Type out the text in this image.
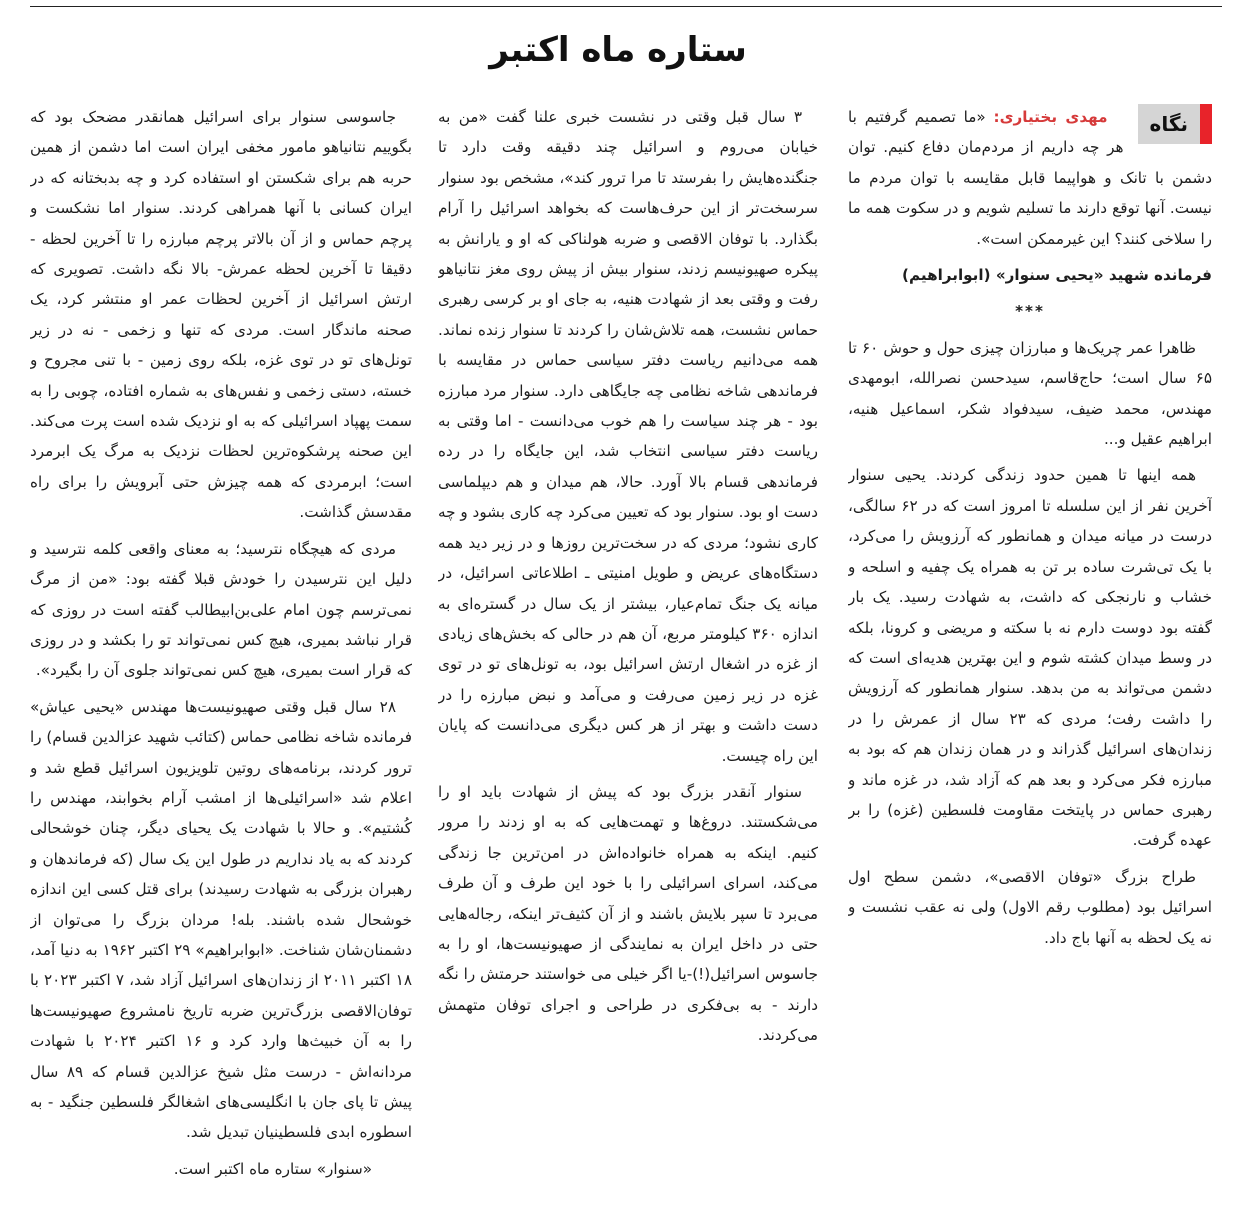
ستاره ماه اکتبر
نگاه

مهدی بختیاری: «ما تصمیم گرفتیم با هر چه داریم از مردم‌مان دفاع کنیم. توان دشمن با تانک و هواپیما قابل مقایسه با توان مردم ما نیست. آنها توقع دارند ما تسلیم شویم و در سکوت همه ما را سلاخی کنند؟ این غیرممکن است».

فرمانده شهید «یحیی سنوار» (ابوابراهیم)

***

ظاهرا عمر چریک‌ها و مبارزان چیزی حول و حوش ۶۰ تا ۶۵ سال است؛ حاج‌قاسم، سیدحسن نصرالله، ابومهدی مهندس، محمد ضیف، سیدفواد شکر، اسماعیل هنیه، ابراهیم عقیل و...

همه اینها تا همین حدود زندگی کردند. یحیی سنوار آخرین نفر از این سلسله تا امروز است که در ۶۲ سالگی، درست در میانه میدان و همانطور که آرزویش را می‌کرد، با یک تی‌شرت ساده بر تن به همراه یک چفیه و اسلحه و خشاب و نارنجکی که داشت، به شهادت رسید. یک بار گفته بود دوست دارم نه با سکته و مریضی و کرونا، بلکه در وسط میدان کشته شوم و این بهترین هدیه‌ای است که دشمن می‌تواند به من بدهد. سنوار همانطور که آرزویش را داشت رفت؛ مردی که ۲۳ سال از عمرش را در زندان‌های اسرائیل گذراند و در همان زندان هم که بود به مبارزه فکر می‌کرد و بعد هم که آزاد شد، در غزه ماند و رهبری حماس در پایتخت مقاومت فلسطین (غزه) را بر عهده گرفت.

طراح بزرگ «توفان الاقصی»، دشمن سطح اول اسرائیل بود (مطلوب رقم الاول) ولی نه عقب نشست و نه یک لحظه به آنها باج داد.

۳ سال قبل وقتی در نشست خبری علنا گفت «من به خیابان می‌روم و اسرائیل چند دقیقه وقت دارد تا جنگنده‌هایش را بفرستد تا مرا ترور کند»، مشخص بود سنوار سرسخت‌تر از این حرف‌هاست که بخواهد اسرائیل را آرام بگذارد. با توفان الاقصی و ضربه هولناکی که او و یارانش به پیکره صهیونیسم زدند، سنوار بیش از پیش روی مغز نتانیاهو رفت و وقتی بعد از شهادت هنیه، به جای او بر کرسی رهبری حماس نشست، همه تلاش‌شان را کردند تا سنوار زنده نماند. همه می‌دانیم ریاست دفتر سیاسی حماس در مقایسه با فرماندهی شاخه نظامی چه جایگاهی دارد. سنوار مرد مبارزه بود - هر چند سیاست را هم خوب می‌دانست - اما وقتی به ریاست دفتر سیاسی انتخاب شد، این جایگاه را در رده فرماندهی قسام بالا آورد. حالا، هم میدان و هم دیپلماسی دست او بود. سنوار بود که تعیین می‌کرد چه کاری بشود و چه کاری نشود؛ مردی که در سخت‌ترین روزها و در زیر دید همه دستگاه‌های عریض و طویل امنیتی ـ اطلاعاتی اسرائیل، در میانه یک جنگ تمام‌عیار، بیشتر از یک سال در گستره‌ای به اندازه ۳۶۰ کیلومتر مربع، آن هم در حالی که بخش‌های زیادی از غزه در اشغال ارتش اسرائیل بود، به تونل‌های تو در توی غزه در زیر زمین می‌رفت و می‌آمد و نبض مبارزه را در دست داشت و بهتر از هر کس دیگری می‌دانست که پایان این راه چیست.

سنوار آنقدر بزرگ بود که پیش از شهادت باید او را می‌شکستند. دروغ‌ها و تهمت‌هایی که به او زدند را مرور کنیم. اینکه به همراه خانواده‌اش در امن‌ترین جا زندگی می‌کند، اسرای اسرائیلی را با خود این طرف و آن طرف می‌برد تا سپر بلایش باشند و از آن کثیف‌تر اینکه، رجاله‌هایی حتی در داخل ایران به نمایندگی از صهیونیست‌ها، او را به جاسوس اسرائیل(!)-یا اگر خیلی می خواستند حرمتش را نگه دارند - به بی‌فکری در طراحی و اجرای توفان متهمش می‌کردند.

جاسوسی سنوار برای اسرائیل همانقدر مضحک بود که بگوییم نتانیاهو مامور مخفی ایران است اما دشمن از همین حربه هم برای شکستن او استفاده کرد و چه بدبختانه که در ایران کسانی با آنها همراهی کردند. سنوار اما نشکست و پرچم حماس و از آن بالاتر پرچم مبارزه را تا آخرین لحظه - دقیقا تا آخرین لحظه عمرش- بالا نگه داشت. تصویری که ارتش اسرائیل از آخرین لحظات عمر او منتشر کرد، یک صحنه ماندگار است. مردی که تنها و زخمی - نه در زیر تونل‌های تو در توی غزه، بلکه روی زمین - با تنی مجروح و خسته، دستی زخمی و نفس‌های به شماره افتاده، چوبی را به سمت پهپاد اسرائیلی که به او نزدیک شده است پرت می‌کند. این صحنه پرشکوه‌ترین لحظات نزدیک به مرگ یک ابرمرد است؛ ابرمردی که همه چیزش حتی آبرویش را برای راه مقدسش گذاشت.

مردی که هیچگاه نترسید؛ به معنای واقعی کلمه نترسید و دلیل این نترسیدن را خودش قبلا گفته بود: «من از مرگ نمی‌ترسم چون امام علی‌بن‌ابیطالب گفته است در روزی که قرار نباشد بمیری، هیچ کس نمی‌تواند تو را بکشد و در روزی که قرار است بمیری، هیچ کس نمی‌تواند جلوی آن را بگیرد».

۲۸ سال قبل وقتی صهیونیست‌ها مهندس «یحیی عیاش» فرمانده شاخه نظامی حماس (کتائب شهید عزالدین قسام) را ترور کردند، برنامه‌های روتین تلویزیون اسرائیل قطع شد و اعلام شد «اسرائیلی‌ها از امشب آرام بخوابند، مهندس را کُشتیم». و حالا با شهادت یک یحیای دیگر، چنان خوشحالی کردند که به یاد نداریم در طول این یک سال (که فرماندهان و رهبران بزرگی به شهادت رسیدند) برای قتل کسی این اندازه خوشحال شده باشند. بله! مردان بزرگ را می‌توان از دشمنان‌شان شناخت. «ابوابراهیم» ۲۹ اکتبر ۱۹۶۲ به دنیا آمد، ۱۸ اکتبر ۲۰۱۱ از زندان‌های اسرائیل آزاد شد، ۷ اکتبر ۲۰۲۳ با توفان‌الاقصی بزرگ‌ترین ضربه تاریخ نامشروع صهیونیست‌ها را به آن خبیث‌ها وارد کرد و ۱۶ اکتبر ۲۰۲۴ با شهادت مردانه‌اش - درست مثل شیخ عزالدین قسام که ۸۹ سال پیش تا پای جان با انگلیسی‌های اشغالگر فلسطین جنگید - به اسطوره ابدی فلسطینیان تبدیل شد.

«سنوار» ستاره ماه اکتبر است.
